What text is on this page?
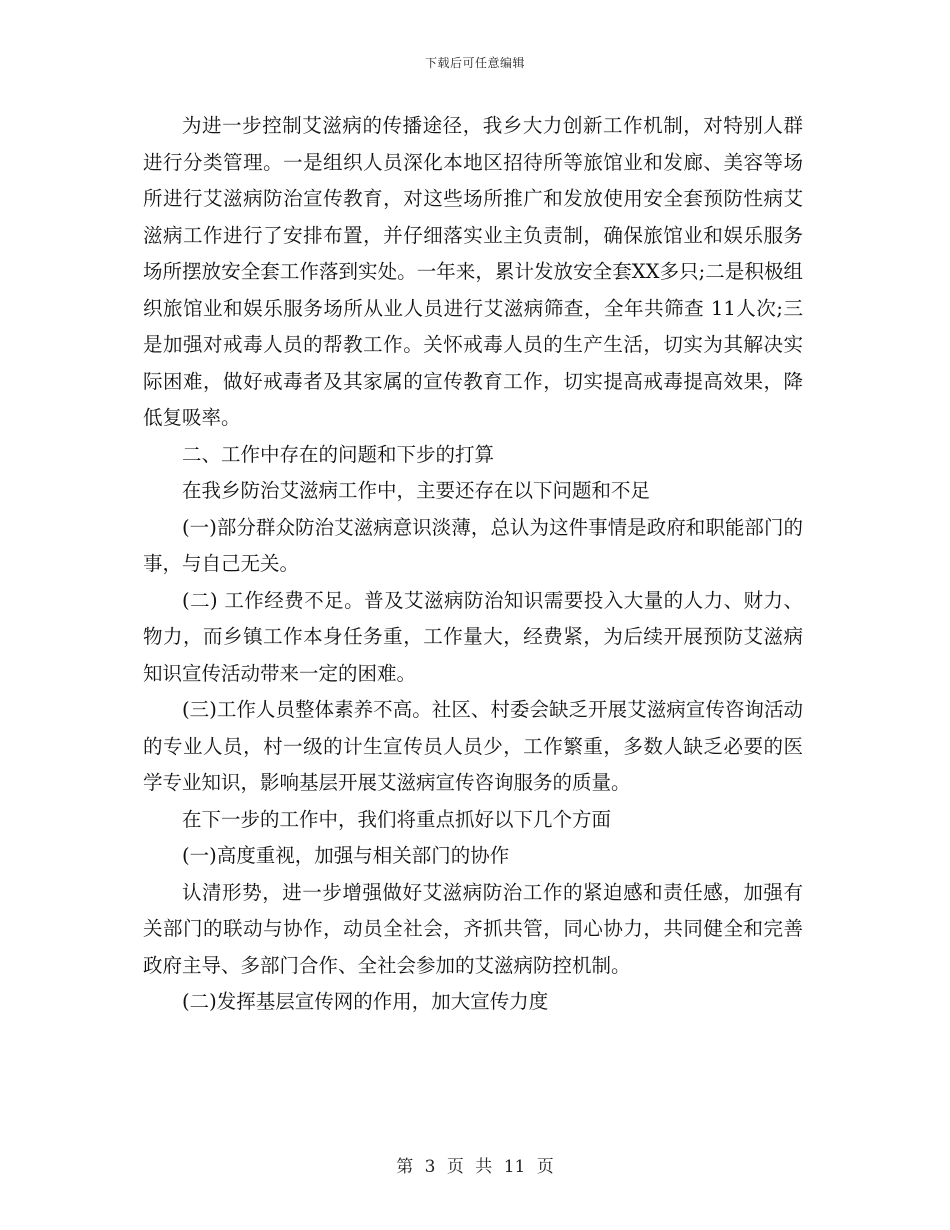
下载后可任意编辑

为进一步控制艾滋病的传播途径，我乡大力创新工作机制，对特别人群进行分类管理。一是组织人员深化本地区招待所等旅馆业和发廊、美容等场所进行艾滋病防治宣传教育，对这些场所推广和发放使用安全套预防性病艾滋病工作进行了安排布置，并仔细落实业主负责制，确保旅馆业和娱乐服务场所摆放安全套工作落到实处。一年来，累计发放安全套XX多只;二是积极组织旅馆业和娱乐服务场所从业人员进行艾滋病筛查，全年共筛查 11人次;三是加强对戒毒人员的帮教工作。关怀戒毒人员的生产生活，切实为其解决实际困难，做好戒毒者及其家属的宣传教育工作，切实提高戒毒提高效果，降低复吸率。

二、工作中存在的问题和下步的打算

在我乡防治艾滋病工作中，主要还存在以下问题和不足

(一)部分群众防治艾滋病意识淡薄，总认为这件事情是政府和职能部门的事，与自己无关。

(二) 工作经费不足。普及艾滋病防治知识需要投入大量的人力、财力、物力，而乡镇工作本身任务重，工作量大，经费紧，为后续开展预防艾滋病知识宣传活动带来一定的困难。

(三)工作人员整体素养不高。社区、村委会缺乏开展艾滋病宣传咨询活动的专业人员，村一级的计生宣传员人员少，工作繁重，多数人缺乏必要的医学专业知识，影响基层开展艾滋病宣传咨询服务的质量。

在下一步的工作中，我们将重点抓好以下几个方面

(一)高度重视，加强与相关部门的协作

认清形势，进一步增强做好艾滋病防治工作的紧迫感和责任感，加强有关部门的联动与协作，动员全社会，齐抓共管，同心协力，共同健全和完善政府主导、多部门合作、全社会参加的艾滋病防控机制。

(二)发挥基层宣传网的作用，加大宣传力度

第 3 页 共 11 页
